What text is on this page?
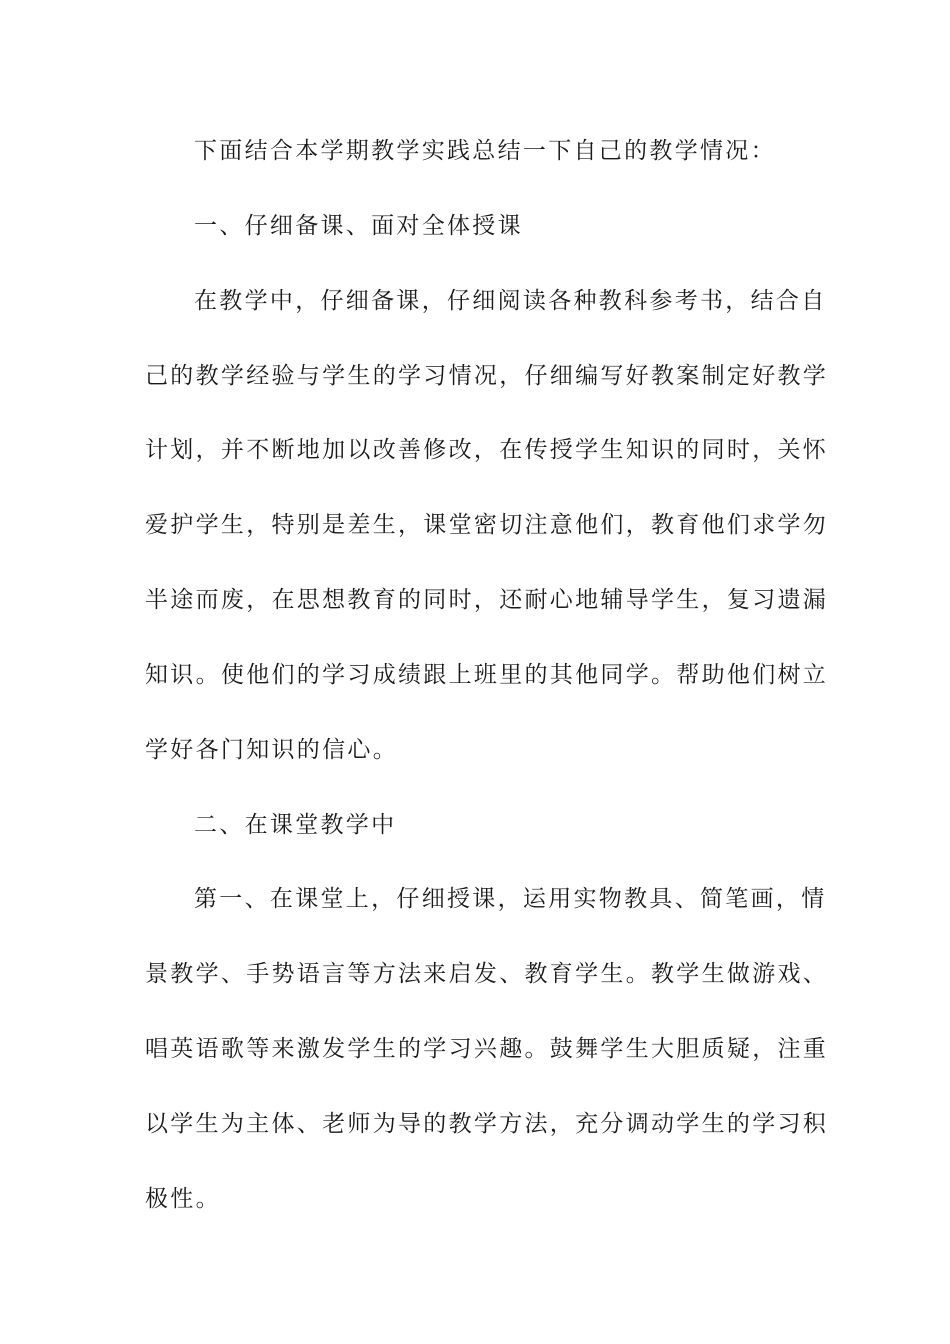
下面结合本学期教学实践总结一下自己的教学情况：
一、仔细备课、面对全体授课
在教学中，仔细备课，仔细阅读各种教科参考书，结合自
己的教学经验与学生的学习情况，仔细编写好教案制定好教学
计划，并不断地加以改善修改，在传授学生知识的同时，关怀
爱护学生，特别是差生，课堂密切注意他们，教育他们求学勿
半途而废，在思想教育的同时，还耐心地辅导学生，复习遗漏
知识。使他们的学习成绩跟上班里的其他同学。帮助他们树立
学好各门知识的信心。
二、在课堂教学中
第一、在课堂上，仔细授课，运用实物教具、简笔画，情
景教学、手势语言等方法来启发、教育学生。教学生做游戏、
唱英语歌等来激发学生的学习兴趣。鼓舞学生大胆质疑，注重
以学生为主体、老师为导的教学方法，充分调动学生的学习积
极性。
